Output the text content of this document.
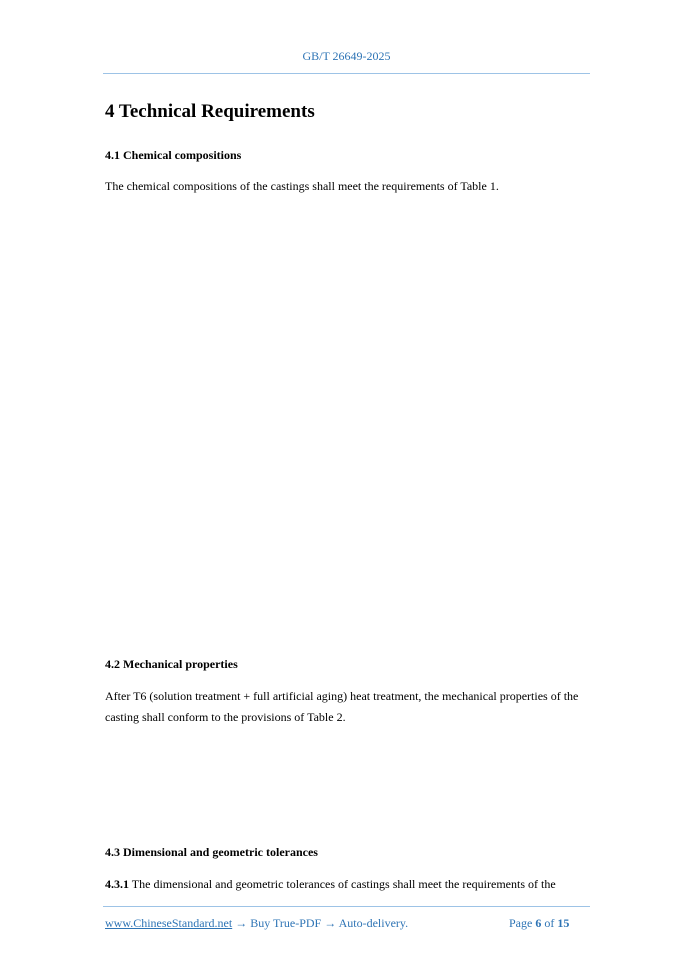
GB/T 26649-2025
4 Technical Requirements
4.1 Chemical compositions

The chemical compositions of the castings shall meet the requirements of Table 1.

4.2 Mechanical properties

After T6 (solution treatment + full artificial aging) heat treatment, the mechanical properties of the casting shall conform to the provisions of Table 2.

4.3 Dimensional and geometric tolerances

4.3.1 The dimensional and geometric tolerances of castings shall meet the requirements of the

www.ChineseStandard.net → Buy True-PDF → Auto-delivery.	Page 6 of 15
